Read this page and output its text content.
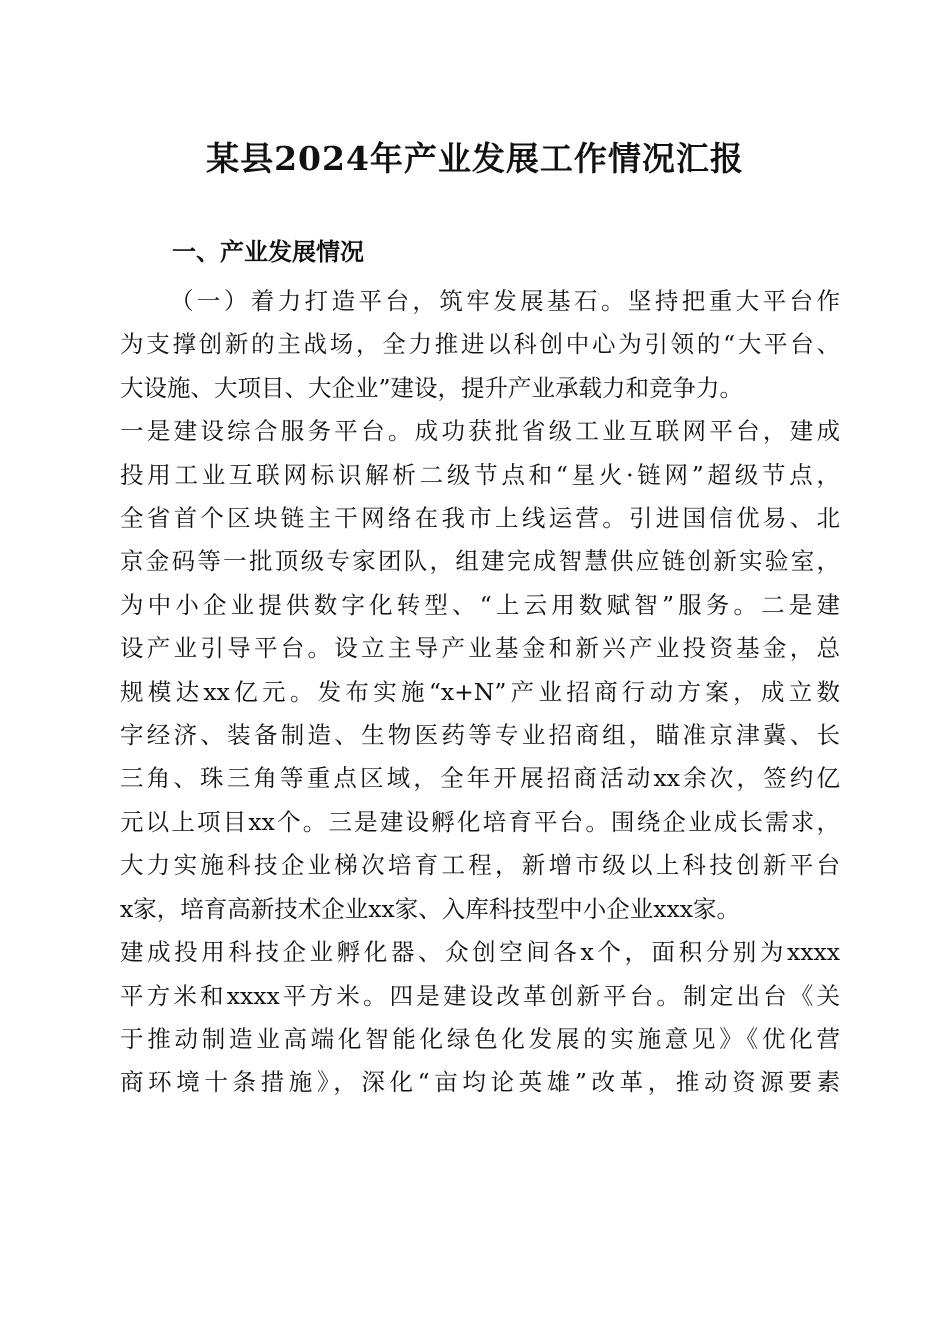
某县2024年产业发展工作情况汇报
一、产业发展情况
（一）着力打造平台，筑牢发展基石。坚持把重大平台作
为支撑创新的主战场，全力推进以科创中心为引领的“大平台、
大设施、大项目、大企业”建设，提升产业承载力和竞争力。
一是建设综合服务平台。成功获批省级工业互联网平台，建成
投用工业互联网标识解析二级节点和“星火·链网”超级节点，
全省首个区块链主干网络在我市上线运营。引进国信优易、北
京金码等一批顶级专家团队，组建完成智慧供应链创新实验室，
为中小企业提供数字化转型、“上云用数赋智”服务。二是建
设产业引导平台。设立主导产业基金和新兴产业投资基金，总
规模达xx亿元。发布实施“x+N”产业招商行动方案，成立数
字经济、装备制造、生物医药等专业招商组，瞄准京津冀、长
三角、珠三角等重点区域，全年开展招商活动xx余次，签约亿
元以上项目xx个。三是建设孵化培育平台。围绕企业成长需求，
大力实施科技企业梯次培育工程，新增市级以上科技创新平台
x家，培育高新技术企业xx家、入库科技型中小企业xxx家。
建成投用科技企业孵化器、众创空间各x个，面积分别为xxxx
平方米和xxxx平方米。四是建设改革创新平台。制定出台《关
于推动制造业高端化智能化绿色化发展的实施意见》《优化营
商环境十条措施》，深化“亩均论英雄”改革，推动资源要素
